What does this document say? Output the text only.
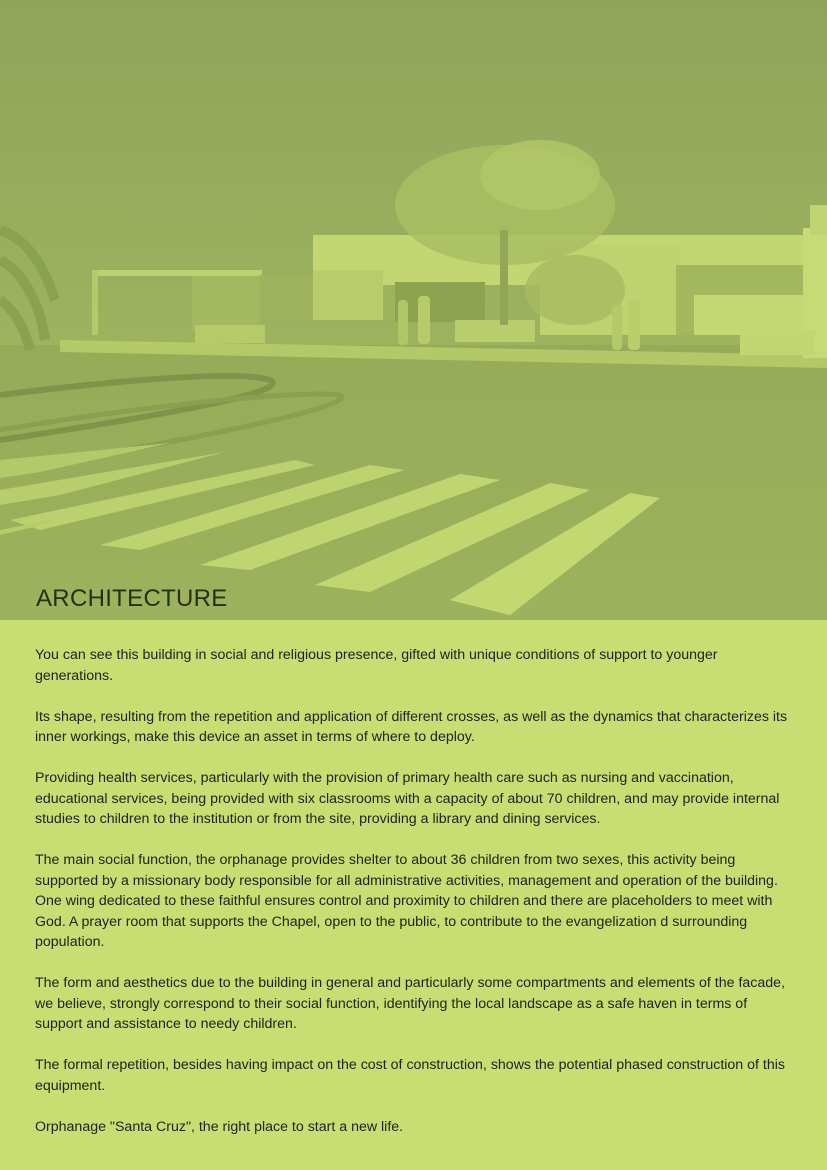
ARCHITECTURE

You can see this building in social and religious presence, gifted with unique conditions of support to younger generations.

Its shape, resulting from the repetition and application of different crosses, as well as the dynamics that characterizes its inner workings, make this device an asset in terms of where to deploy.

Providing health services, particularly with the provision of primary health care such as nursing and vaccination, educational services, being provided with six classrooms with a capacity of about 70 children, and may provide internal studies to children to the institution or from the site, providing a library and dining services.

The main social function, the orphanage provides shelter to about 36 children from two sexes, this activity being supported by a missionary body responsible for all administrative activities, management and operation of the building. One wing dedicated to these faithful ensures control and proximity to children and there are placeholders to meet with God. A prayer room that supports the Chapel, open to the public, to contribute to the evangelization d surrounding population.

The form and aesthetics due to the building in general and particularly some compartments and elements of the facade, we believe, strongly correspond to their social function, identifying the local landscape as a safe haven in terms of support and assistance to needy children.

The formal repetition, besides having impact on the cost of construction, shows the potential phased construction of this equipment.

Orphanage "Santa Cruz", the right place to start a new life.
